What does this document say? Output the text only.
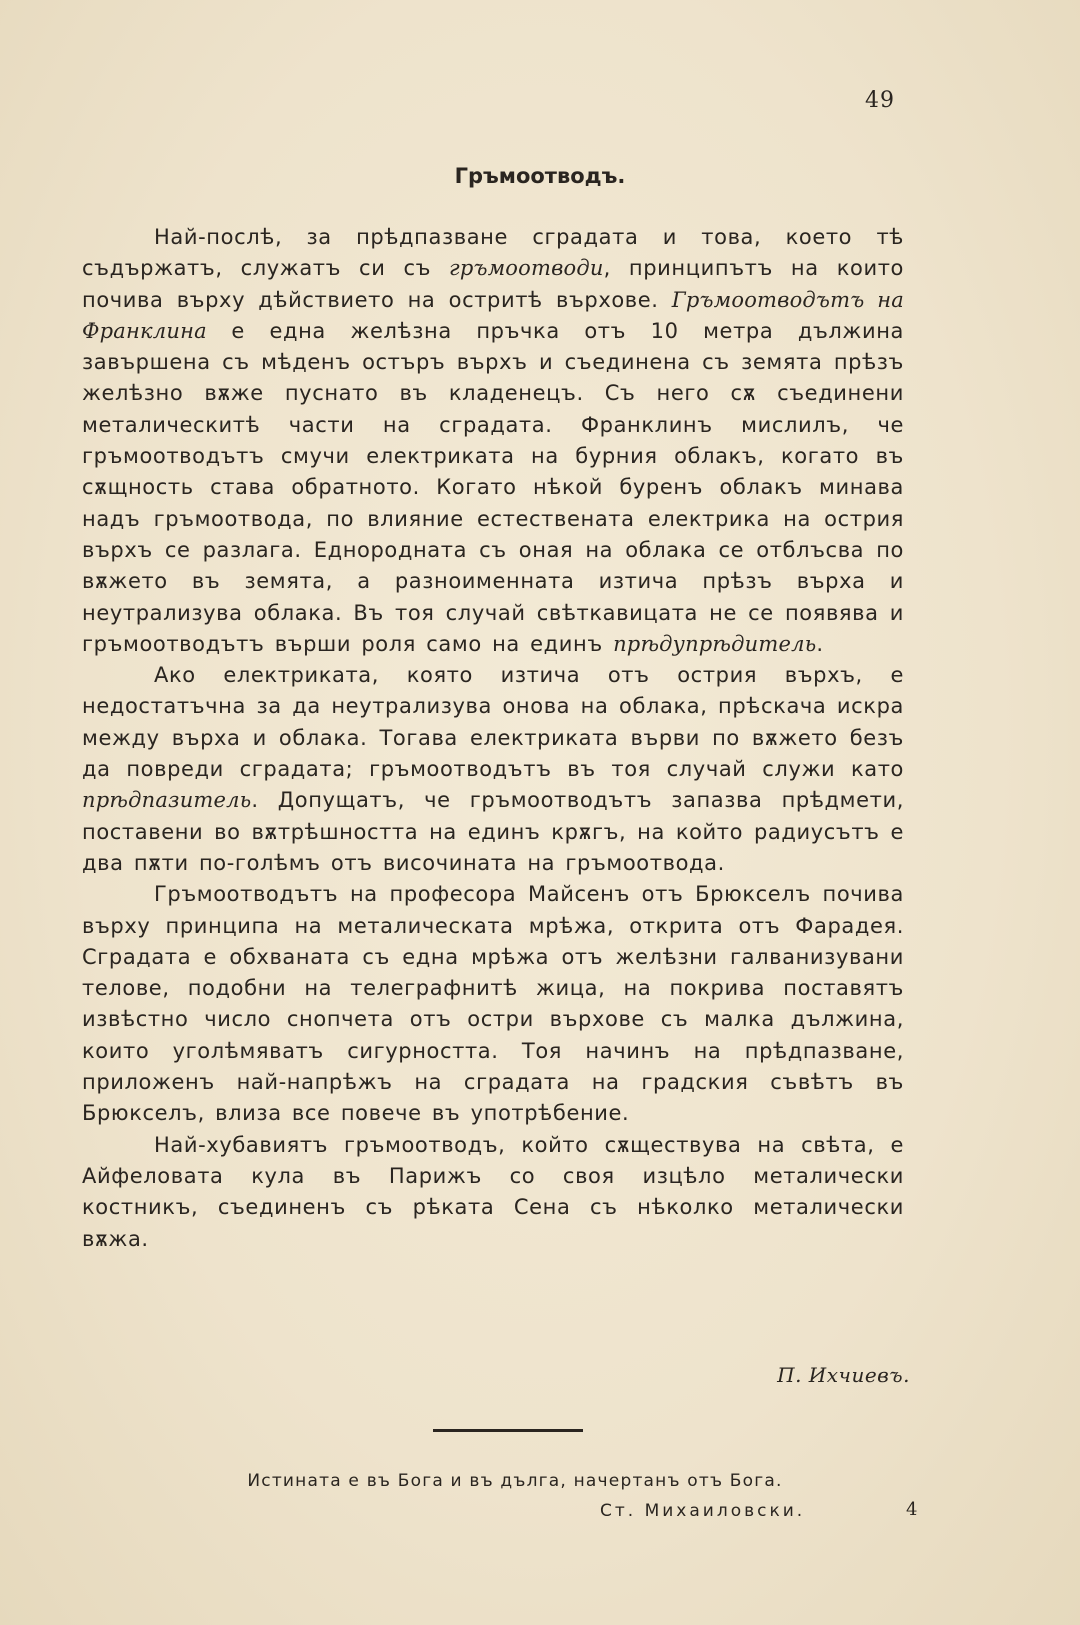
49
Гръмоотводъ.

Най-послѣ, за прѣдпазване сградата и това, което тѣ съдържатъ, служатъ си съ гръмоотводи, принципътъ на които почива върху дѣйствието на остритѣ върхове. Гръмоотводътъ на Франклина е една желѣзна пръчка отъ 10 метра дължина завършена съ мѣденъ остъръ върхъ и съединена съ земята прѣзъ желѣзно вѫже пуснато въ кладенецъ. Съ него сѫ съединени металическитѣ части на сградата. Франклинъ мислилъ, че гръмоотводътъ смучи електриката на бурния облакъ, когато въ сѫщность става обратното. Когато нѣкой буренъ облакъ минава надъ гръмоотвода, по влияние естествената електрика на острия върхъ се разлага. Еднородната съ оная на облака се отблъсва по вѫжето въ земята, а разноименната изтича прѣзъ върха и неутрализува облака. Въ тоя случай свѣткавицата не се появява и гръмоотводътъ върши роля само на единъ прѣдупрѣдитель.

Ако електриката, която изтича отъ острия върхъ, е недостатъчна за да неутрализува онова на облака, прѣскача искра между върха и облака. Тогава електриката върви по вѫжето безъ да повреди сградата; гръмоотводътъ въ тоя случай служи като прѣдпазитель. Допущатъ, че гръмоотводътъ запазва прѣдмети, поставени во вѫтрѣшността на единъ крѫгъ, на който радиусътъ е два пѫти по-голѣмъ отъ височината на гръмоотвода.

Гръмоотводътъ на професора Майсенъ отъ Брюкселъ почива върху принципа на металическата мрѣжа, открита отъ Фарадея. Сградата е обхваната съ една мрѣжа отъ желѣзни галванизувани телове, подобни на телеграфнитѣ жица, на покрива поставятъ извѣстно число снопчета отъ остри върхове съ малка дължина, които уголѣмяватъ сигурността. Тоя начинъ на прѣдпазване, приложенъ най-напрѣжъ на сградата на градския съвѣтъ въ Брюкселъ, влиза все повече въ употрѣбение.

Най-хубавиятъ гръмоотводъ, който сѫществува на свѣта, е Айфеловата кула въ Парижъ со своя изцѣло металически костникъ, съединенъ съ рѣката Сена съ нѣколко металически вѫжа.

П. Ихчиевъ.
Истината е въ Бога и въ дълга, начертанъ отъ Бога.
Ст. Михаиловски.	4
